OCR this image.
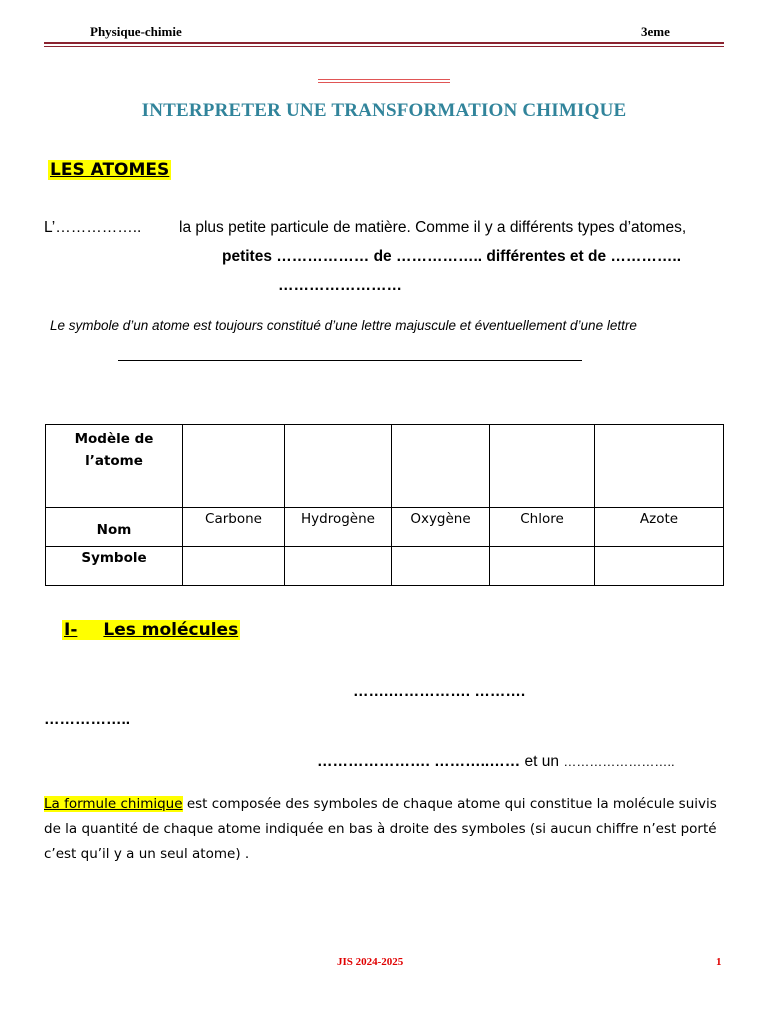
Physique-chimie	3eme
INTERPRETER UNE TRANSFORMATION CHIMIQUE
LES ATOMES
L’…………….. la plus petite particule de matière. Comme il y a différents types d’atomes,
petites ……………… de …………….. différentes et de …………..
……………………
Le symbole d’un atome est toujours constitué d’une lettre majuscule et éventuellement d’une lettre
Modèle de l’atome					
Nom	Carbone	Hydrogène	Oxygène	Chlore	Azote
Symbole					
I- Les molécules
…….……………. ……….
……………..
…………………. ………..…… et un ……………………..
La formule chimique est composée des symboles de chaque atome qui constitue la molécule suivis de la quantité de chaque atome indiquée en bas à droite des symboles (si aucun chiffre n’est porté c’est qu’il y a un seul atome) .
JIS 2024-2025	1
